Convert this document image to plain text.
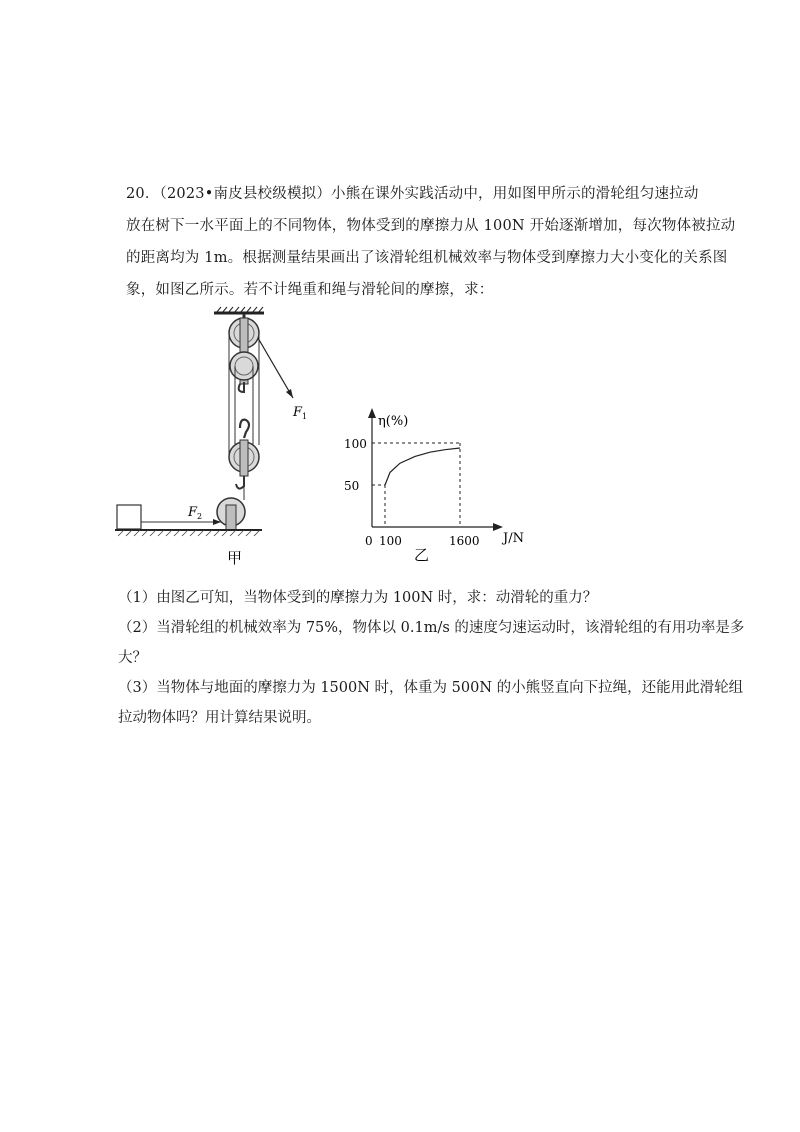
20．（2023•南皮县校级模拟）小熊在课外实践活动中，用如图甲所示的滑轮组匀速拉动
放在树下一水平面上的不同物体，物体受到的摩擦力从 100N 开始逐渐增加，每次物体被拉动
的距离均为 1m。根据测量结果画出了该滑轮组机械效率与物体受到摩擦力大小变化的关系图
象，如图乙所示。若不计绳重和绳与滑轮间的摩擦，求：
F 1
F 2
甲
η(%)
J/N
乙
50
100
0 100	1600
（1）由图乙可知，当物体受到的摩擦力为 100N 时，求：动滑轮的重力？
（2）当滑轮组的机械效率为 75%，物体以 0.1m/s 的速度匀速运动时，该滑轮组的有用功率是多
大？
（3）当物体与地面的摩擦力为 1500N 时，体重为 500N 的小熊竖直向下拉绳，还能用此滑轮组
拉动物体吗？用计算结果说明。
